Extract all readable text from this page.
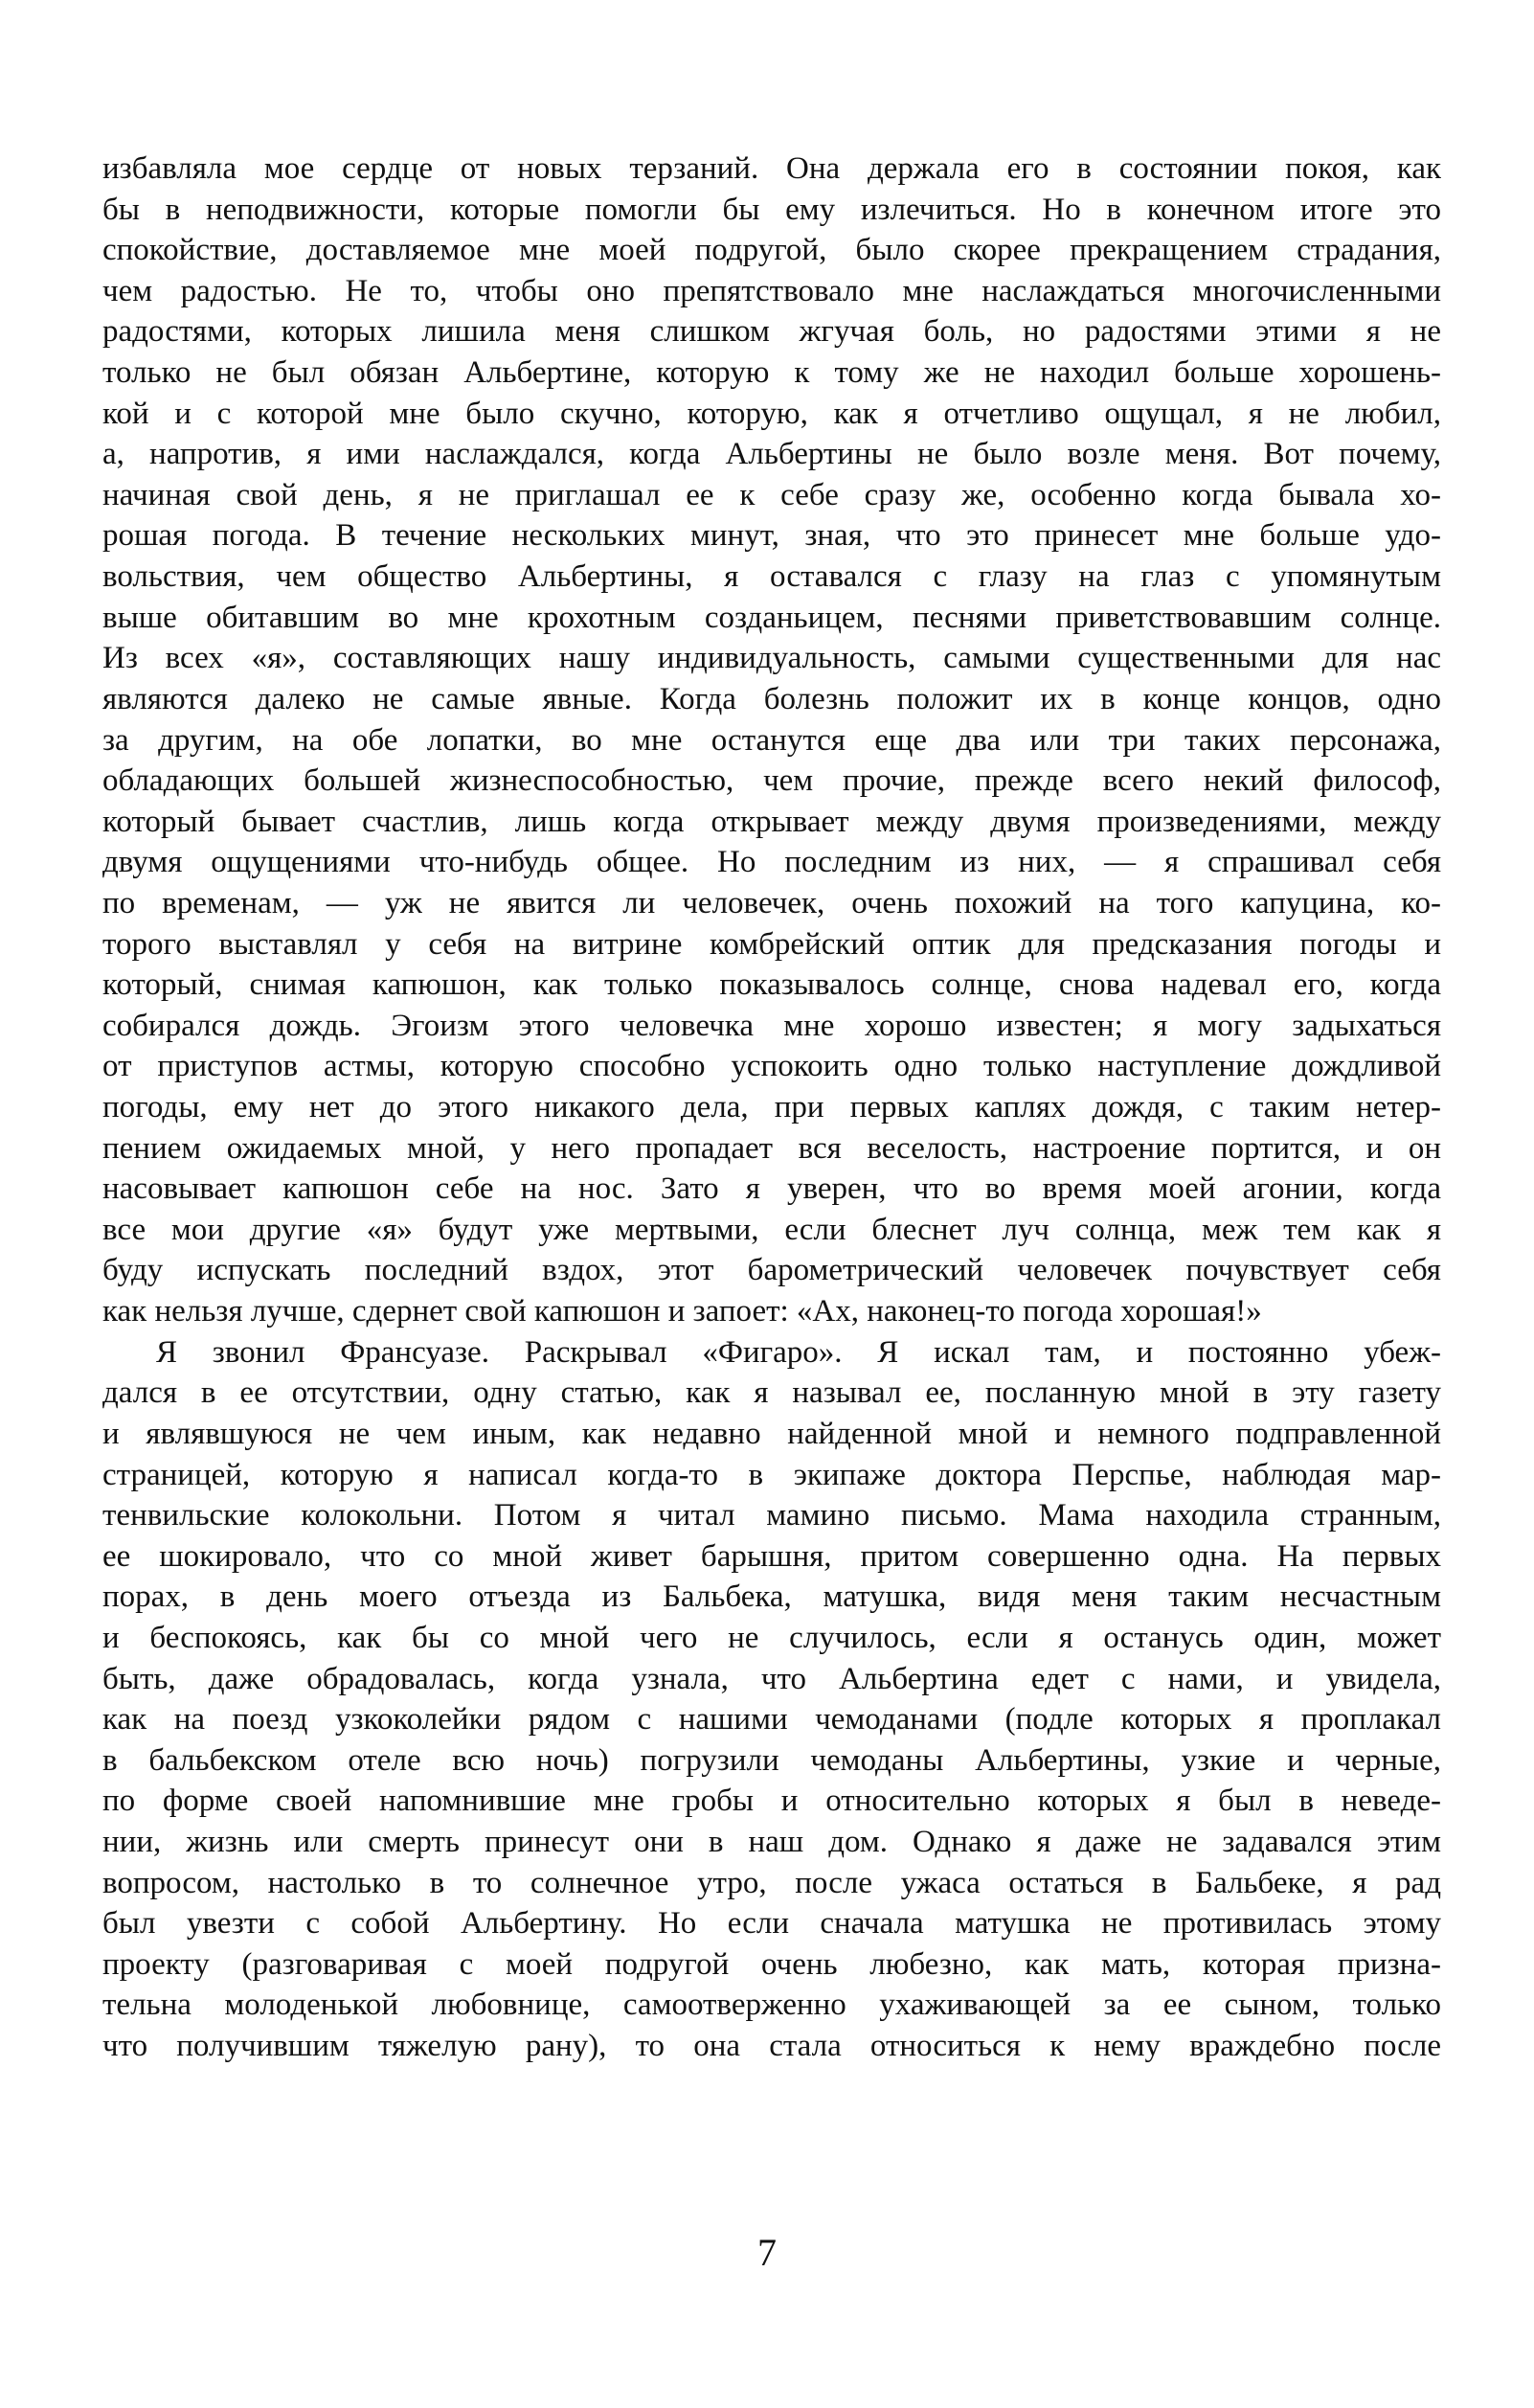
избавляла мое сердце от новых терзаний. Она держала его в состоянии покоя, как
бы в неподвижности, которые помогли бы ему излечиться. Но в конечном итоге это
спокойствие, доставляемое мне моей подругой, было скорее прекращением страдания,
чем радостью. Не то, чтобы оно препятствовало мне наслаждаться многочисленными
радостями, которых лишила меня слишком жгучая боль, но радостями этими я не
только не был обязан Альбертине, которую к тому же не находил больше хорошень-
кой и с которой мне было скучно, которую, как я отчетливо ощущал, я не любил,
а, напротив, я ими наслаждался, когда Альбертины не было возле меня. Вот почему,
начиная свой день, я не приглашал ее к себе сразу же, особенно когда бывала хо-
рошая погода. В течение нескольких минут, зная, что это принесет мне больше удо-
вольствия, чем общество Альбертины, я оставался с глазу на глаз с упомянутым
выше обитавшим во мне крохотным созданьицем, песнями приветствовавшим солнце.
Из всех «я», составляющих нашу индивидуальность, самыми существенными для нас
являются далеко не самые явные. Когда болезнь положит их в конце концов, одно
за другим, на обе лопатки, во мне останутся еще два или три таких персонажа,
обладающих большей жизнеспособностью, чем прочие, прежде всего некий философ,
который бывает счастлив, лишь когда открывает между двумя произведениями, между
двумя ощущениями что-нибудь общее. Но последним из них, — я спрашивал себя
по временам, — уж не явится ли человечек, очень похожий на того капуцина, ко-
торого выставлял у себя на витрине комбрейский оптик для предсказания погоды и
который, снимая капюшон, как только показывалось солнце, снова надевал его, когда
собирался дождь. Эгоизм этого человечка мне хорошо известен; я могу задыхаться
от приступов астмы, которую способно успокоить одно только наступление дождливой
погоды, ему нет до этого никакого дела, при первых каплях дождя, с таким нетер-
пением ожидаемых мной, у него пропадает вся веселость, настроение портится, и он
насовывает капюшон себе на нос. Зато я уверен, что во время моей агонии, когда
все мои другие «я» будут уже мертвыми, если блеснет луч солнца, меж тем как я
буду испускать последний вздох, этот барометрический человечек почувствует себя
как нельзя лучше, сдернет свой капюшон и запоет: «Ах, наконец-то погода хорошая!»
Я звонил Франсуазе. Раскрывал «Фигаро». Я искал там, и постоянно убеж-
дался в ее отсутствии, одну статью, как я называл ее, посланную мной в эту газету
и являвшуюся не чем иным, как недавно найденной мной и немного подправленной
страницей, которую я написал когда-то в экипаже доктора Перспье, наблюдая мар-
тенвильские колокольни. Потом я читал мамино письмо. Мама находила странным,
ее шокировало, что со мной живет барышня, притом совершенно одна. На первых
порах, в день моего отъезда из Бальбека, матушка, видя меня таким несчастным
и беспокоясь, как бы со мной чего не случилось, если я останусь один, может
быть, даже обрадовалась, когда узнала, что Альбертина едет с нами, и увидела,
как на поезд узкоколейки рядом с нашими чемоданами (подле которых я проплакал
в бальбекском отеле всю ночь) погрузили чемоданы Альбертины, узкие и черные,
по форме своей напомнившие мне гробы и относительно которых я был в неведе-
нии, жизнь или смерть принесут они в наш дом. Однако я даже не задавался этим
вопросом, настолько в то солнечное утро, после ужаса остаться в Бальбеке, я рад
был увезти с собой Альбертину. Но если сначала матушка не противилась этому
проекту (разговаривая с моей подругой очень любезно, как мать, которая призна-
тельна молоденькой любовнице, самоотверженно ухаживающей за ее сыном, только
что получившим тяжелую рану), то она стала относиться к нему враждебно после
7
